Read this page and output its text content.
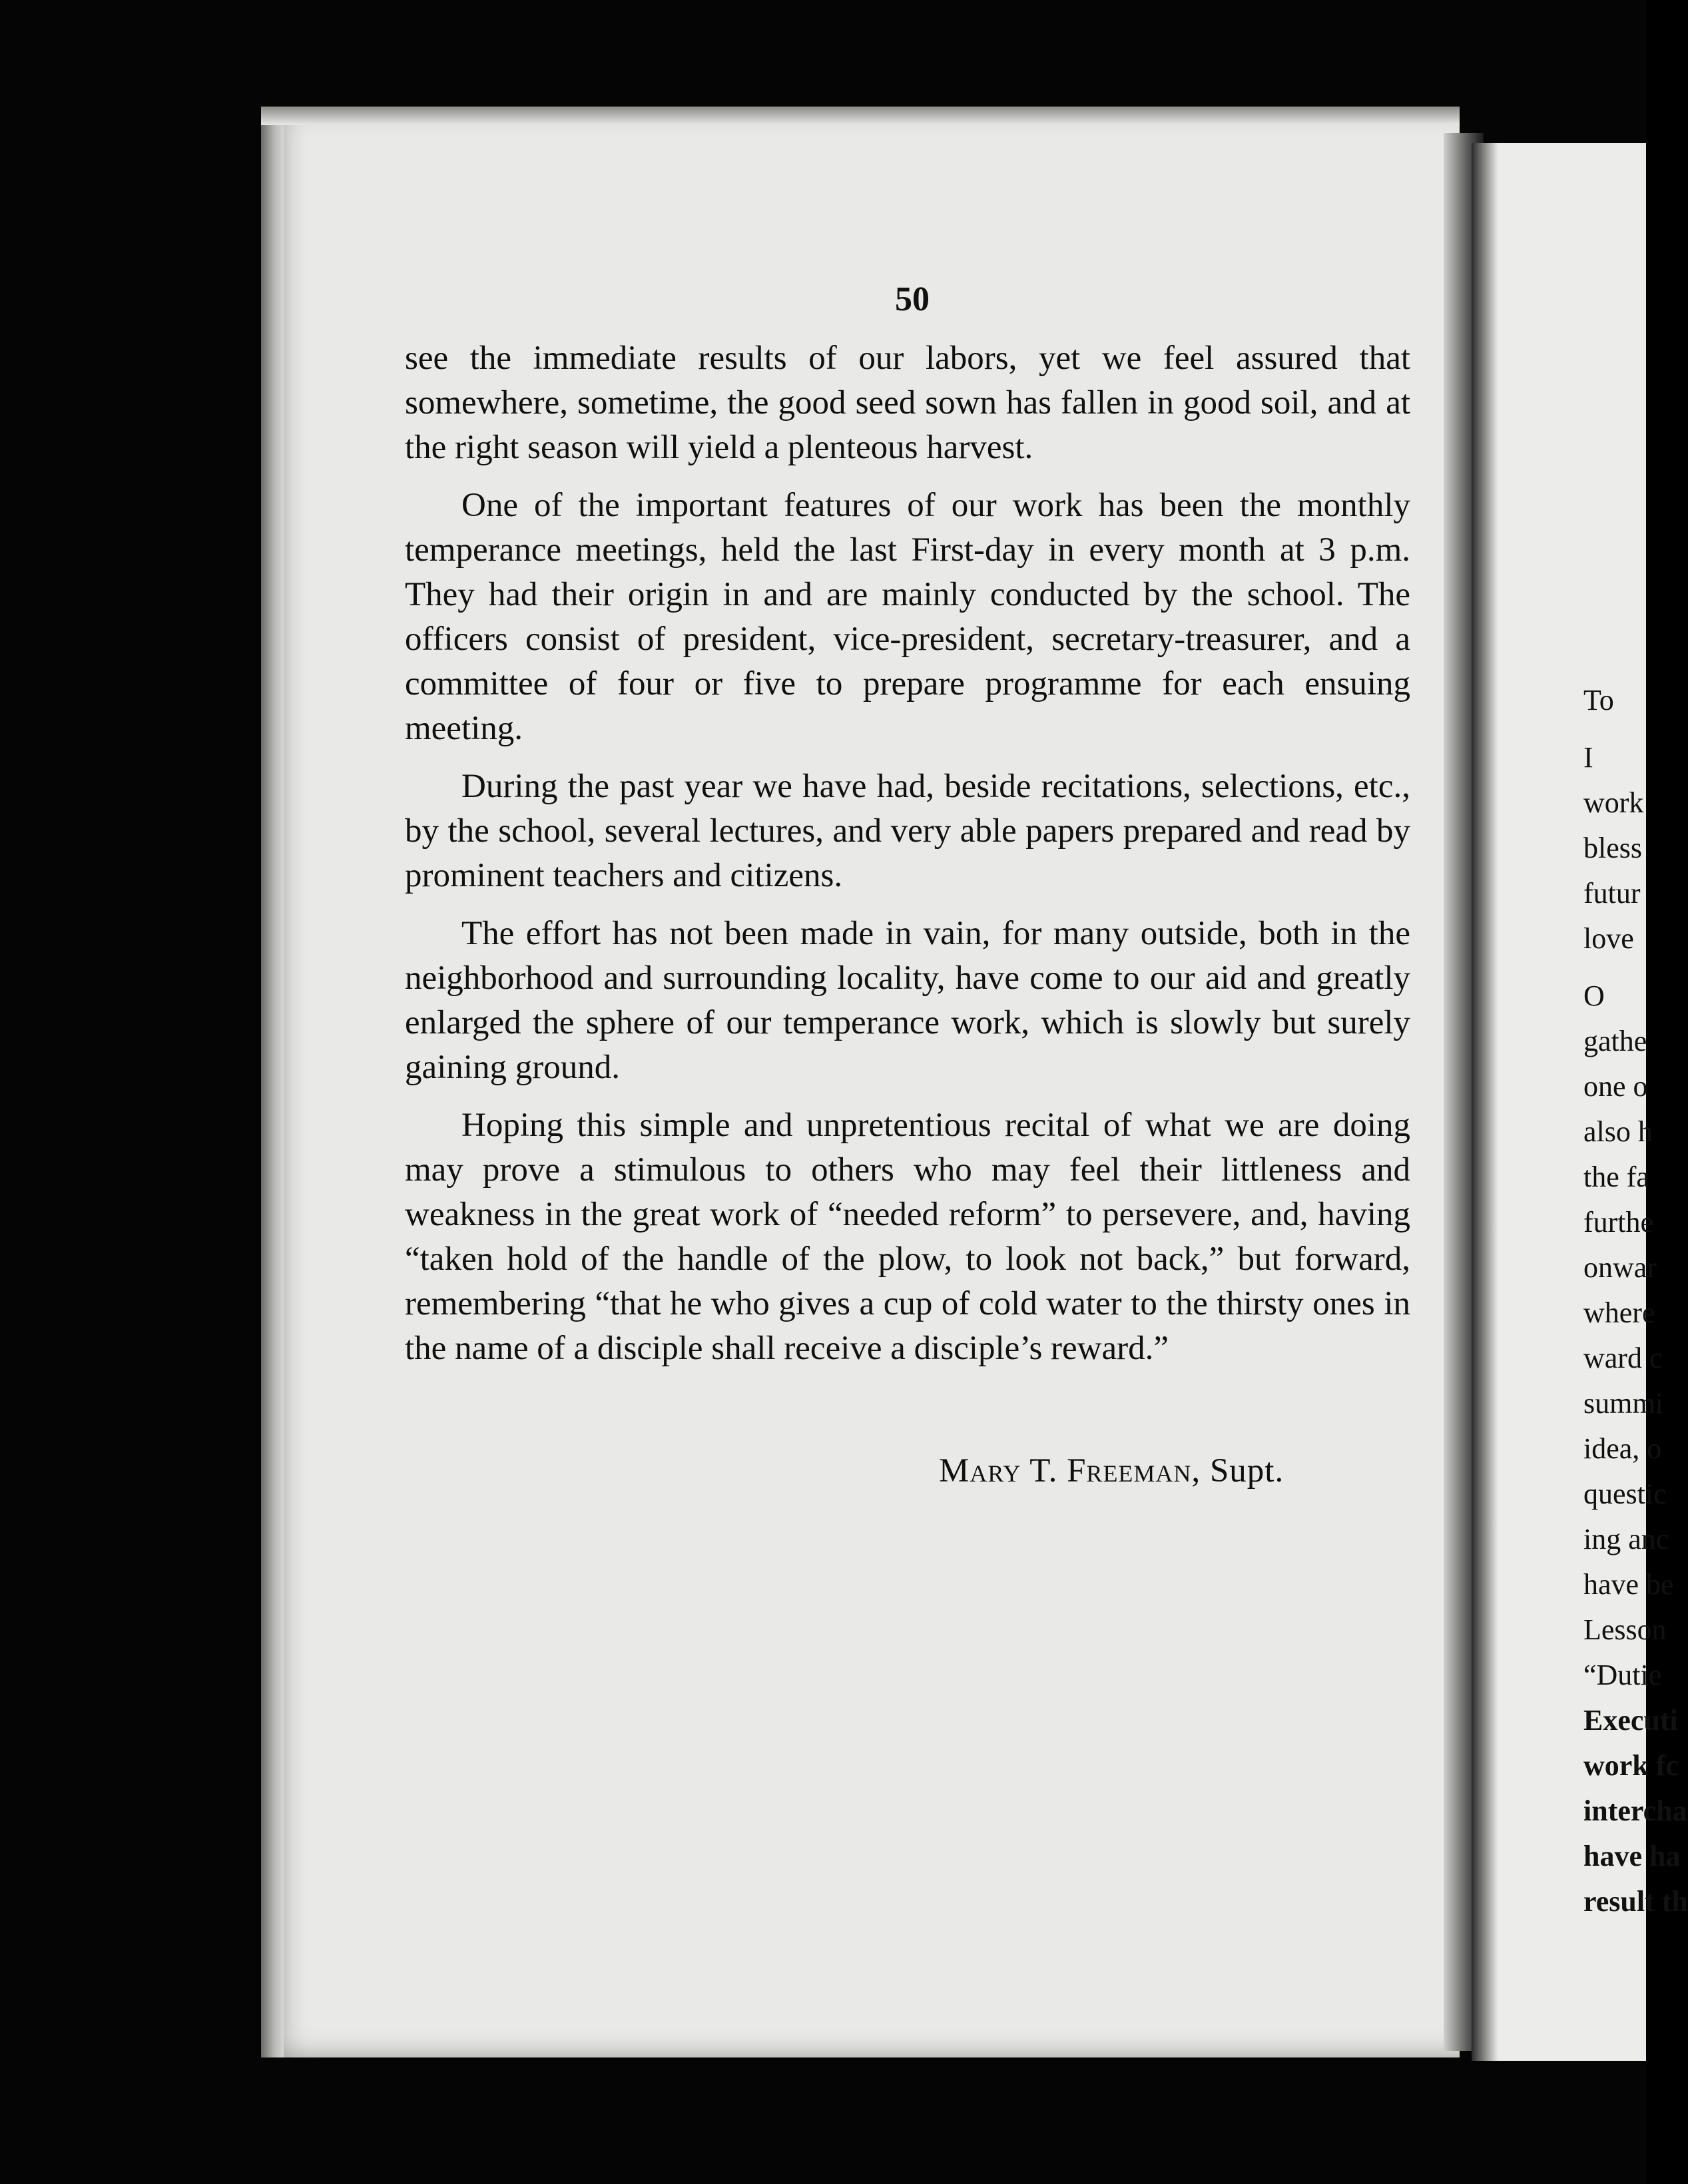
50

see the immediate results of our labors, yet we feel assured that somewhere, sometime, the good seed sown has fallen in good soil, and at the right season will yield a plenteous harvest.

One of the important features of our work has been the monthly temperance meetings, held the last First-day in every month at 3 p.m. They had their origin in and are mainly conducted by the school. The officers consist of president, vice-president, secretary-treasurer, and a committee of four or five to prepare programme for each ensuing meeting.

During the past year we have had, beside recitations, selections, etc., by the school, several lectures, and very able papers prepared and read by prominent teachers and citizens.

The effort has not been made in vain, for many outside, both in the neighborhood and surrounding locality, have come to our aid and greatly enlarged the sphere of our temperance work, which is slowly but surely gaining ground.

Hoping this simple and unpretentious recital of what we are doing may prove a stimulous to others who may feel their littleness and weakness in the great work of “needed reform” to persevere, and, having “taken hold of the handle of the plow, to look not back,” but forward, remembering “that he who gives a cup of cold water to the thirsty ones in the name of a disciple shall receive a disciple’s reward.”

Mary T. Freeman, Supt.
To
I
work
bless
futur
love
O
gathe
one o
also h
the fa
furthe
onwar
where
ward c
summi
idea, o
questic
ing anc
have be
Lesson
“Dutie
Executi
work fc
intercha
have ha
result th
